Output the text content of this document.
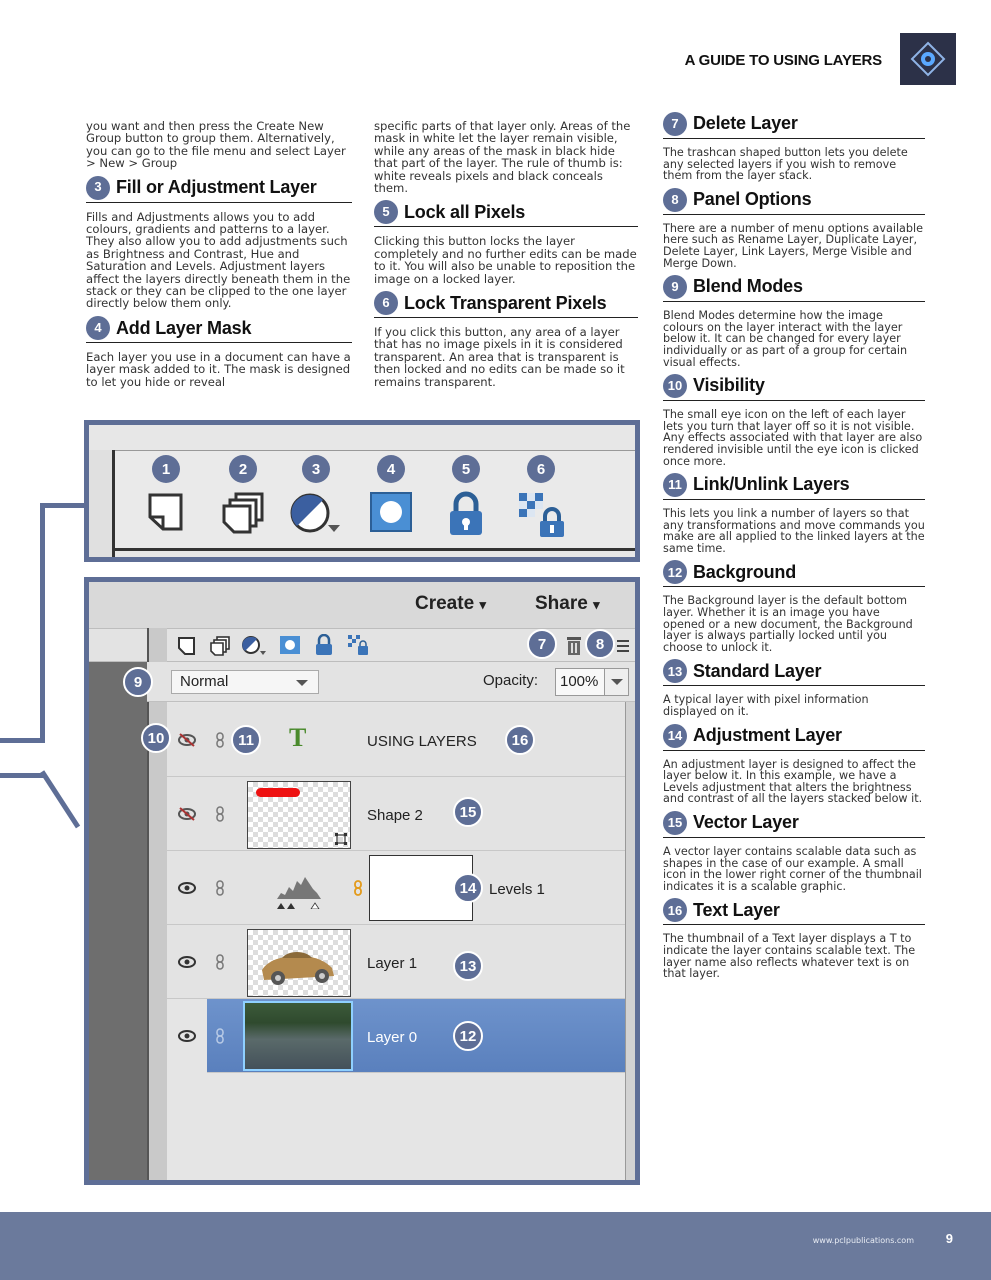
A GUIDE TO USING LAYERS

you want and then press the Create New Group button to group them. Alternatively, you can go to the file menu and select Layer > New > Group

3 Fill or Adjustment Layer

Fills and Adjustments allows you to add colours, gradients and patterns to a layer. They also allow you to add adjustments such as Brightness and Contrast, Hue and Saturation and Levels. Adjustment layers affect the layers directly beneath them in the stack or they can be clipped to the one layer directly below them only.

4 Add Layer Mask

Each layer you use in a document can have a layer mask added to it. The mask is designed to let you hide or reveal

specific parts of that layer only. Areas of the mask in white let the layer remain visible, while any areas of the mask in black hide that part of the layer. The rule of thumb is: white reveals pixels and black conceals them.

5 Lock all Pixels

Clicking this button locks the layer completely and no further edits can be made to it. You will also be unable to reposition the image on a locked layer.

6 Lock Transparent Pixels

If you click this button, any area of a layer that has no image pixels in it is considered transparent. An area that is transparent is then locked and no edits can be made so it remains transparent.

7 Delete Layer

The trashcan shaped button lets you delete any selected layers if you wish to remove them from the layer stack.

8 Panel Options

There are a number of menu options available here such as Rename Layer, Duplicate Layer, Delete Layer, Link Layers, Merge Visible and Merge Down.

9 Blend Modes

Blend Modes determine how the image colours on the layer interact with the layer below it. It can be changed for every layer individually or as part of a group for certain visual effects.

10 Visibility

The small eye icon on the left of each layer lets you turn that layer off so it is not visible. Any effects associated with that layer are also rendered invisible until the eye icon is clicked once more.

11 Link/Unlink Layers

This lets you link a number of layers so that any transformations and move commands you make are all applied to the linked layers at the same time.

12 Background

The Background layer is the default bottom layer. Whether it is an image you have opened or a new document, the Background layer is always partially locked until you choose to unlock it.

13 Standard Layer

A typical layer with pixel information displayed on it.

14 Adjustment Layer

An adjustment layer is designed to affect the layer below it. In this example, we have a Levels adjustment that alters the brightness and contrast of all the layers stacked below it.

15 Vector Layer

A vector layer contains scalable data such as shapes in the case of our example. A small icon in the lower right corner of the thumbnail indicates it is a scalable graphic.

16 Text Layer

The thumbnail of a Text layer displays a T to indicate the layer contains scalable text. The layer name also reflects whatever text is on that layer.

1	2	3	4	5	6
Create ▾	Share ▾
7	8
9	Normal	Opacity:	100%
10	11 T	USING LAYERS	16
Shape 2	15
14 Levels 1
Layer 1	13
Layer 0	12
www.pclpublications.com 9
